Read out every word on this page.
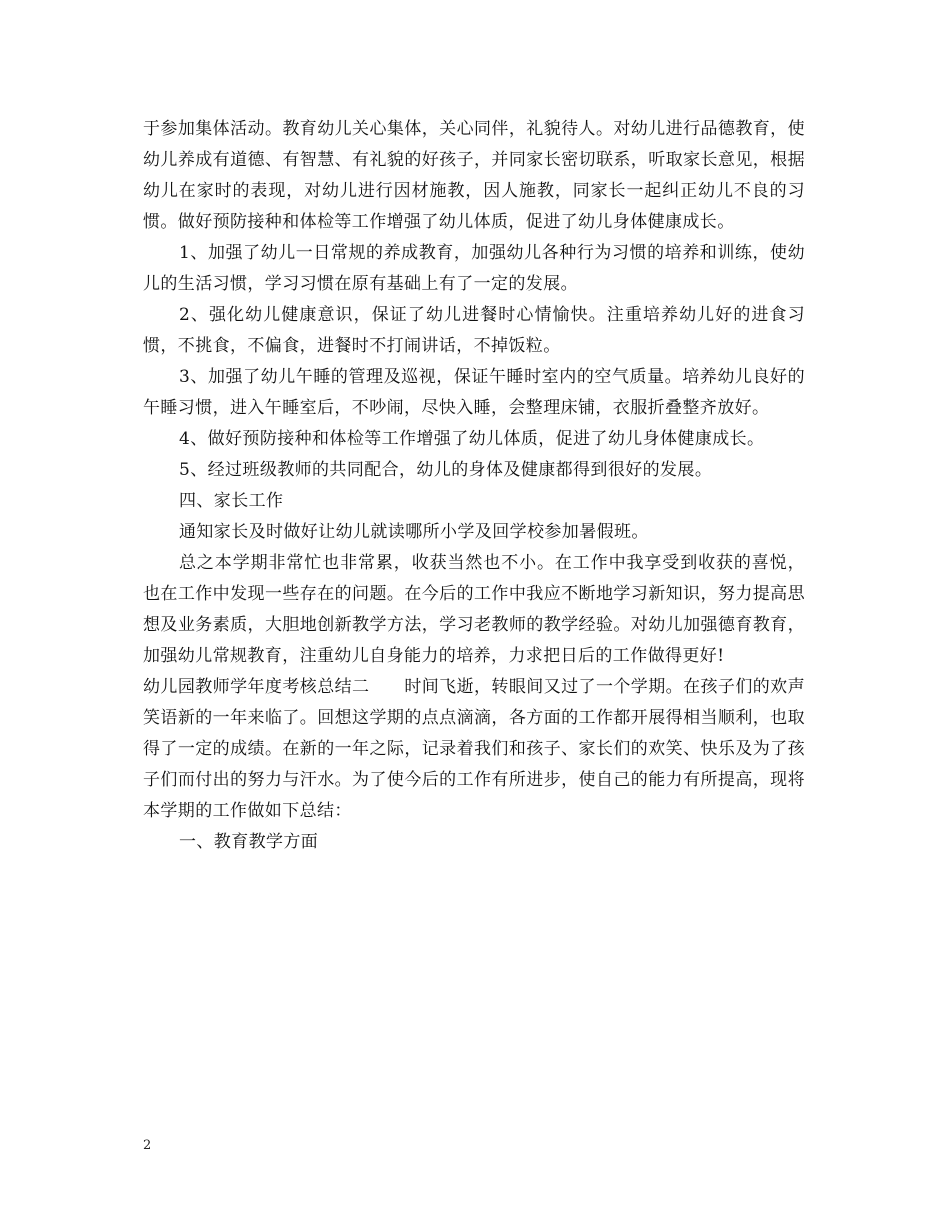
于参加集体活动。教育幼儿关心集体，关心同伴，礼貌待人。对幼儿进行品德教育，使幼儿养成有道德、有智慧、有礼貌的好孩子，并同家长密切联系，听取家长意见，根据幼儿在家时的表现，对幼儿进行因材施教，因人施教，同家长一起纠正幼儿不良的习惯。做好预防接种和体检等工作增强了幼儿体质，促进了幼儿身体健康成长。

1、加强了幼儿一日常规的养成教育，加强幼儿各种行为习惯的培养和训练，使幼儿的生活习惯，学习习惯在原有基础上有了一定的发展。

2、强化幼儿健康意识，保证了幼儿进餐时心情愉快。注重培养幼儿好的进食习惯，不挑食，不偏食，进餐时不打闹讲话，不掉饭粒。

3、加强了幼儿午睡的管理及巡视，保证午睡时室内的空气质量。培养幼儿良好的午睡习惯，进入午睡室后，不吵闹，尽快入睡，会整理床铺，衣服折叠整齐放好。

4、做好预防接种和体检等工作增强了幼儿体质，促进了幼儿身体健康成长。

5、经过班级教师的共同配合，幼儿的身体及健康都得到很好的发展。

四、家长工作

通知家长及时做好让幼儿就读哪所小学及回学校参加暑假班。

总之本学期非常忙也非常累，收获当然也不小。在工作中我享受到收获的喜悦，也在工作中发现一些存在的问题。在今后的工作中我应不断地学习新知识，努力提高思想及业务素质，大胆地创新教学方法，学习老教师的教学经验。对幼儿加强德育教育，加强幼儿常规教育，注重幼儿自身能力的培养，力求把日后的工作做得更好!

幼儿园教师学年度考核总结二　　时间飞逝，转眼间又过了一个学期。在孩子们的欢声笑语新的一年来临了。回想这学期的点点滴滴，各方面的工作都开展得相当顺利，也取得了一定的成绩。在新的一年之际，记录着我们和孩子、家长们的欢笑、快乐及为了孩子们而付出的努力与汗水。为了使今后的工作有所进步，使自己的能力有所提高，现将本学期的工作做如下总结：

一、教育教学方面

2
